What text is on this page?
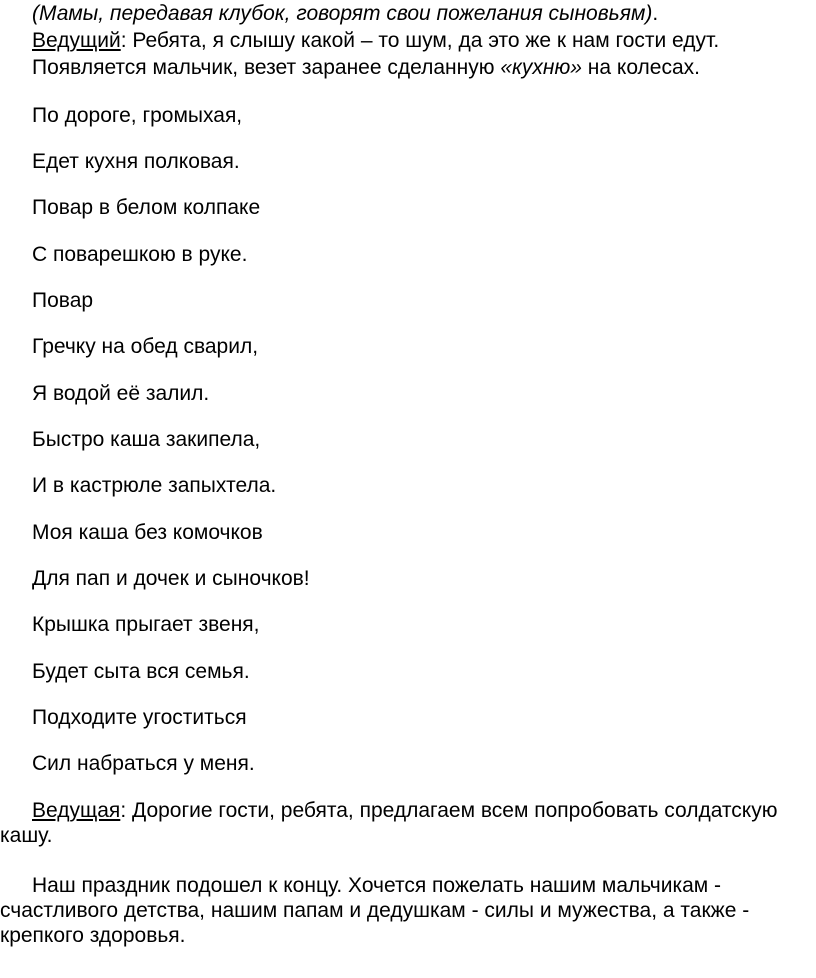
(Мамы, передавая клубок, говорят свои пожелания сыновьям).
Ведущий: Ребята, я слышу какой – то шум, да это же к нам гости едут.
Появляется мальчик, везет заранее сделанную «кухню» на колесах.
По дороге, громыхая,
Едет кухня полковая.
Повар в белом колпаке
С поварешкою в руке.
Повар
Гречку на обед сварил,
Я водой её залил.
Быстро каша закипела,
И в кастрюле запыхтела.
Моя каша без комочков
Для пап и дочек и сыночков!
Крышка прыгает звеня,
Будет сыта вся семья.
Подходите угоститься
Сил набраться у меня.
Ведущая: Дорогие гости, ребята, предлагаем всем попробовать солдатскую кашу.
Наш праздник подошел к концу. Хочется пожелать нашим мальчикам - счастливого детства, нашим папам и дедушкам - силы и мужества, а также - крепкого здоровья.
